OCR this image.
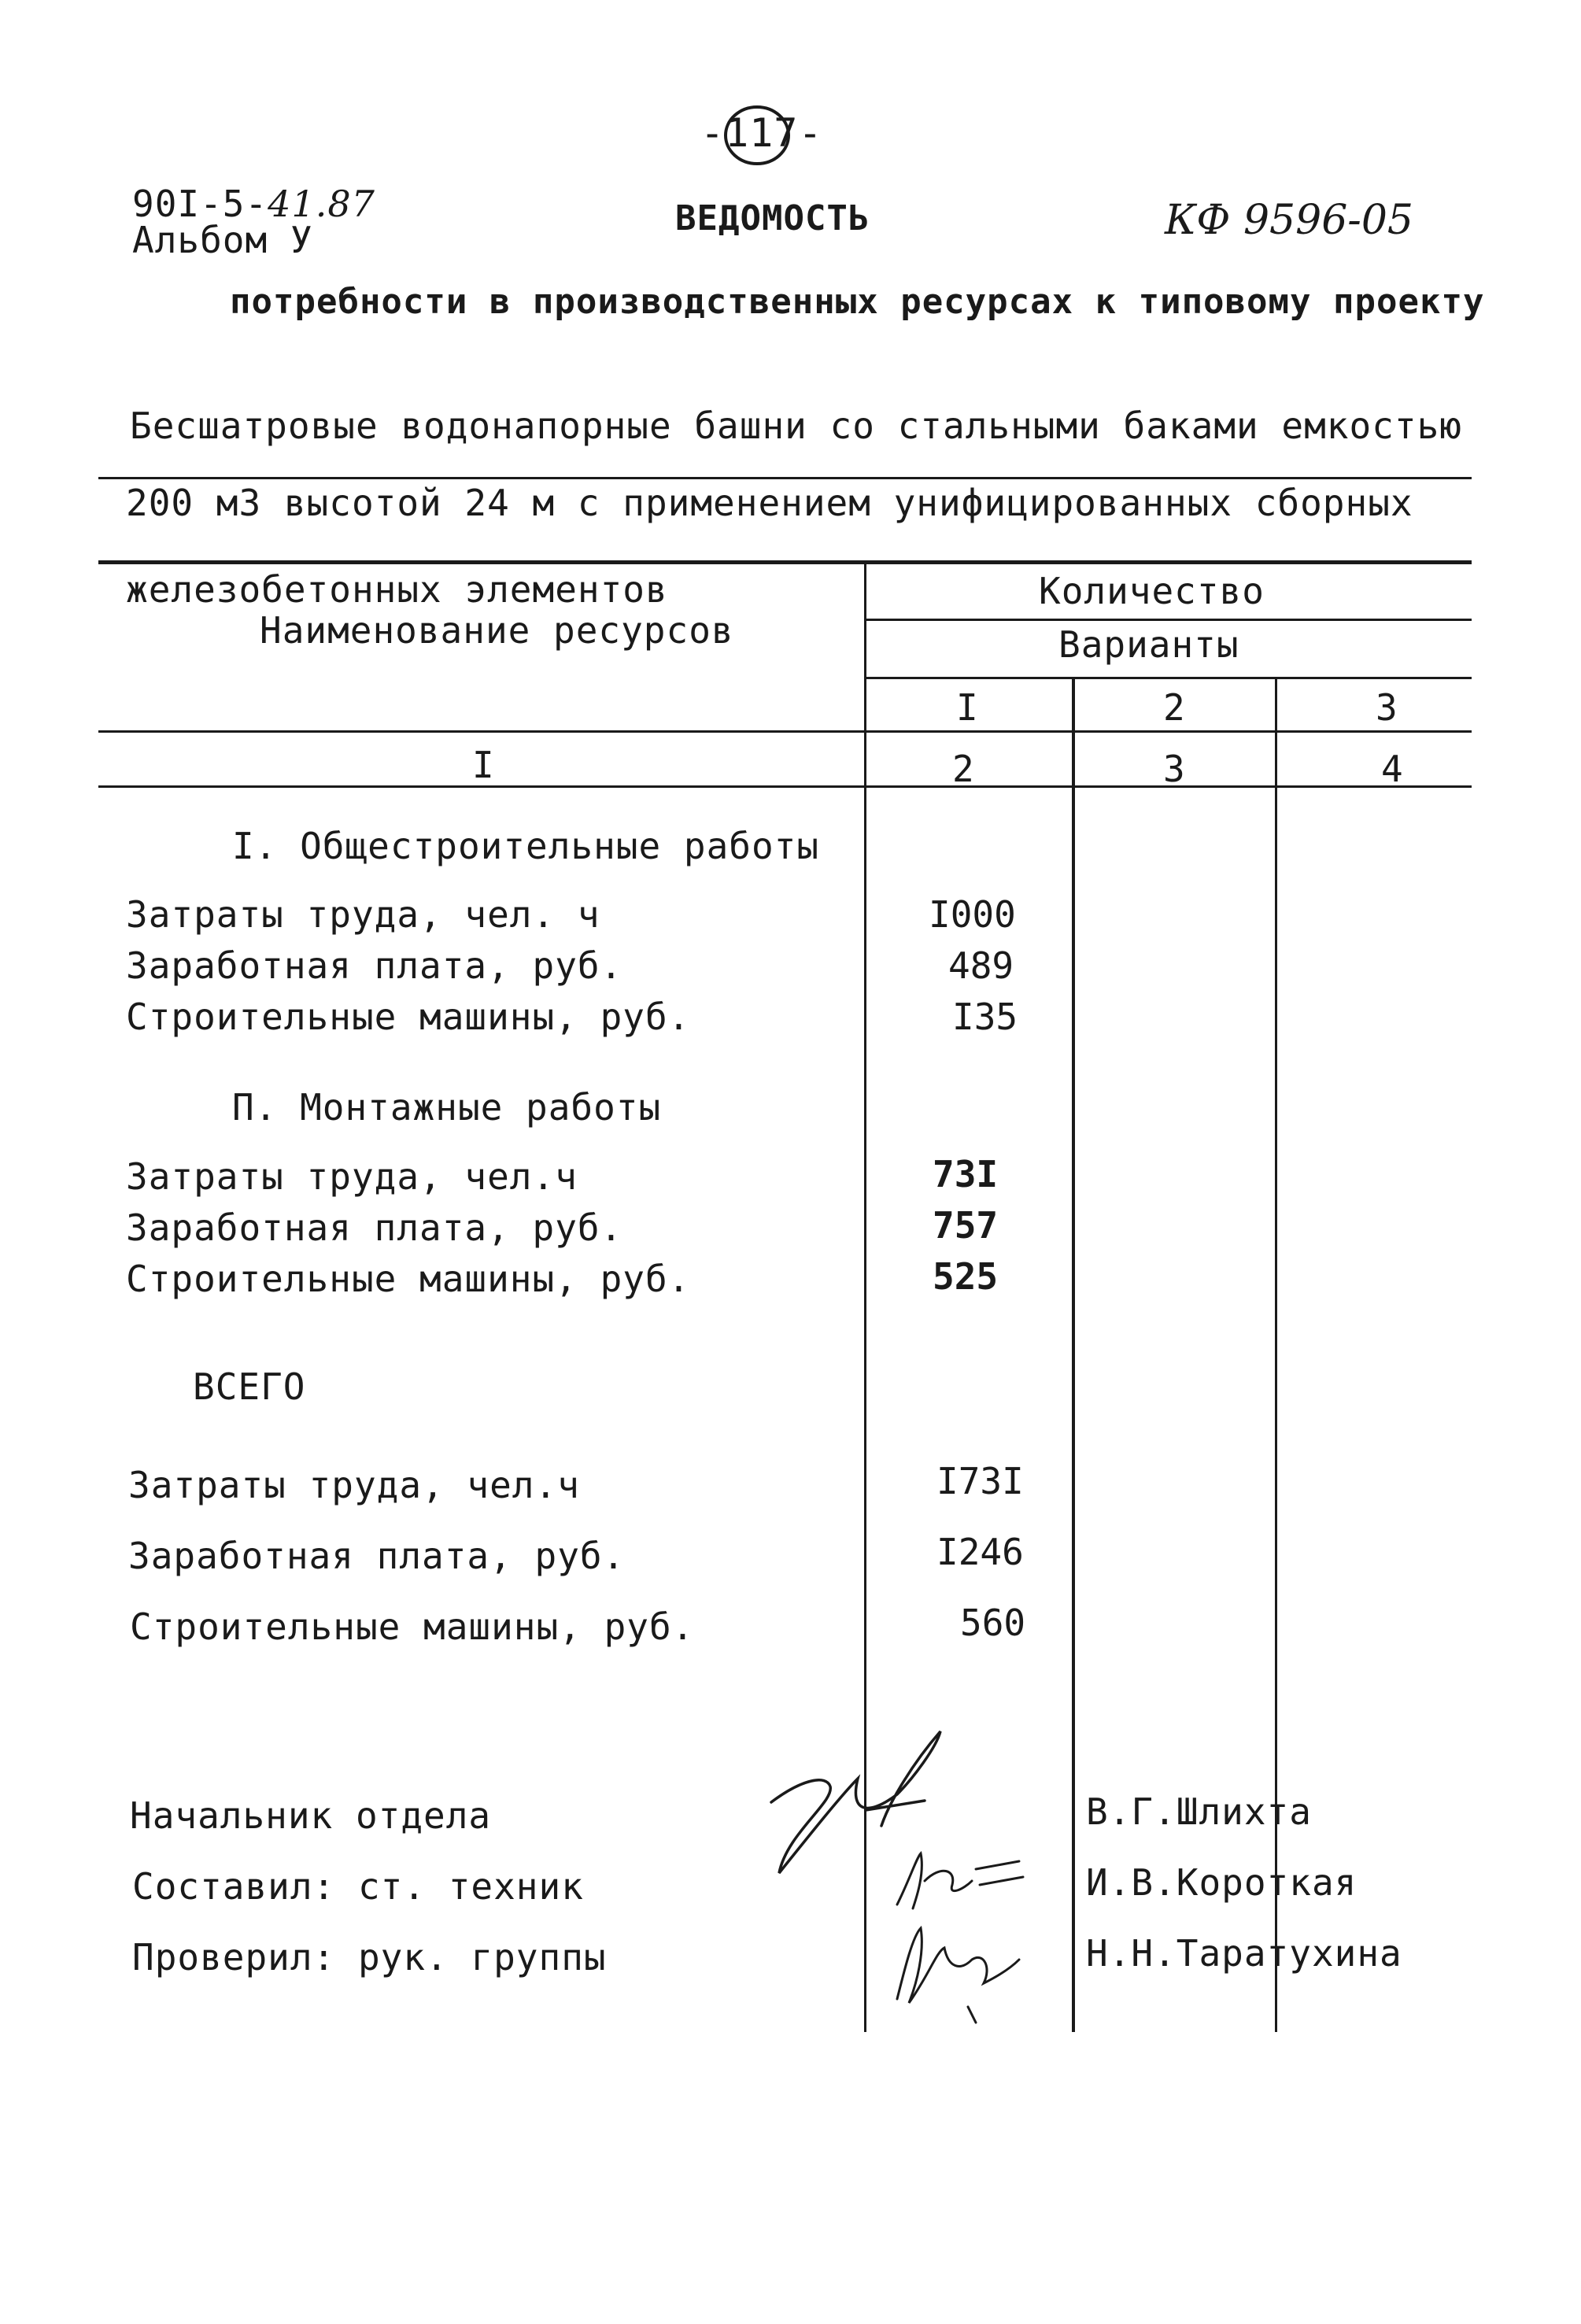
-117-
90I-5-41.87
Альбом У
ВЕДОМОСТЬ	КФ 9596-05
потребности в производственных ресурсах к типовому проекту
Бесшатровые водонапорные башни со стальными баками емкостью
200 м3 высотой 24 м с применением унифицированных сборных
железобетонных элементов
Наименование ресурсов
Количество
Варианты
I	2	3
I	2	3	4
I. Общестроительные работы
Затраты труда, чел. ч	I000
Заработная плата, руб.	489
Строительные машины, руб.	I35
П. Монтажные работы
Затраты труда, чел.ч	73I
Заработная плата, руб.	757
Строительные машины, руб.	525
ВСЕГО
Затраты труда, чел.ч	I73I
Заработная плата, руб.	I246
Строительные машины, руб.	560
Начальник отдела	В.Г.Шлихта
Составил: ст. техник	И.В.Короткая
Проверил: рук. группы	Н.Н.Таратухина
